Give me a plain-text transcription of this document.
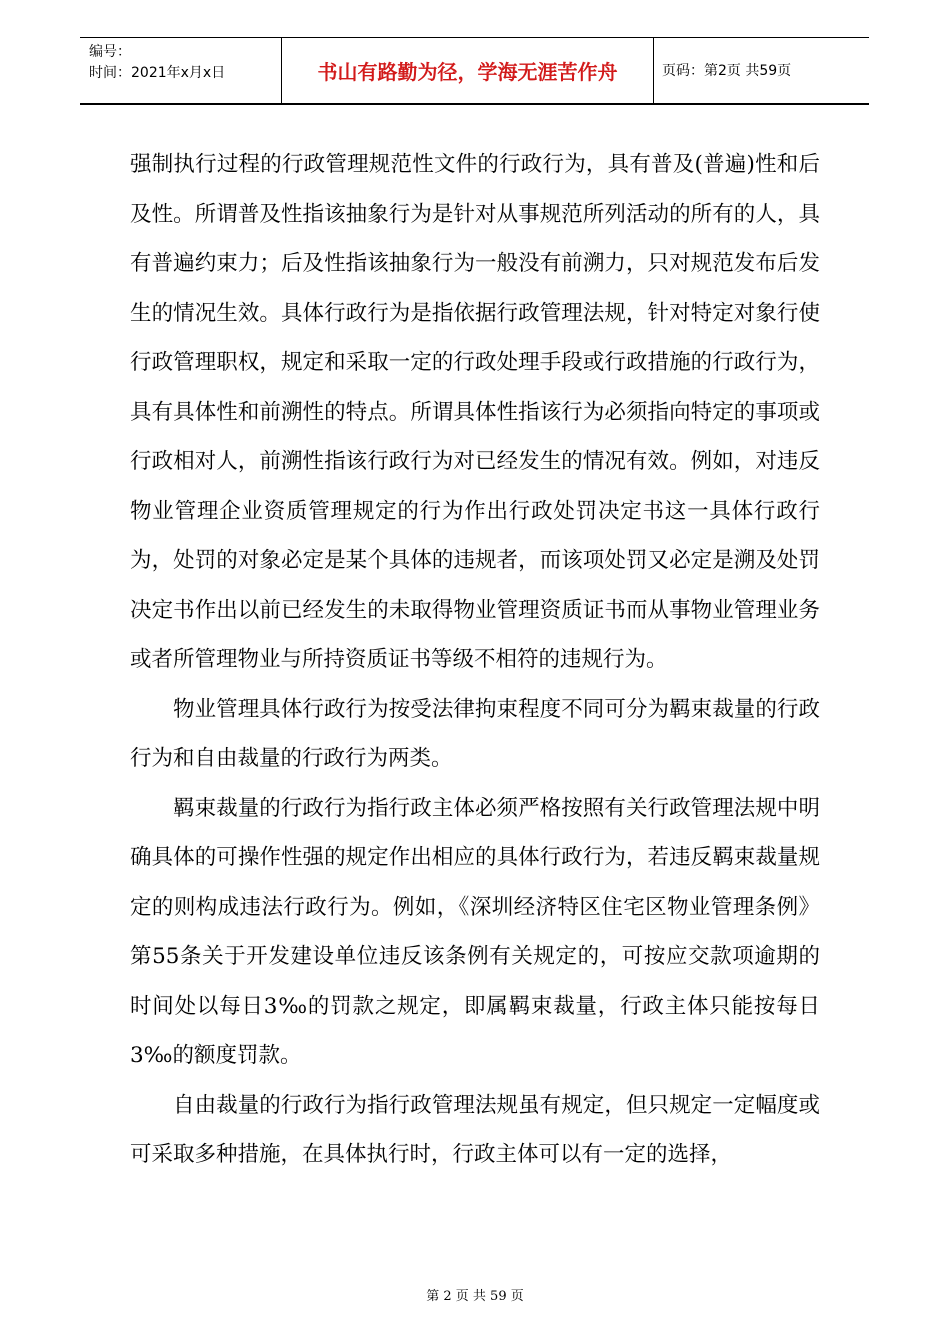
编号：
时间：2021年x月x日	书山有路勤为径，学海无涯苦作舟	页码：第2页 共59页

强制执行过程的行政管理规范性文件的行政行为，具有普及(普遍)性和后及性。所谓普及性指该抽象行为是针对从事规范所列活动的所有的人，具有普遍约束力；后及性指该抽象行为一般没有前溯力，只对规范发布后发生的情况生效。具体行政行为是指依据行政管理法规，针对特定对象行使行政管理职权，规定和采取一定的行政处理手段或行政措施的行政行为，具有具体性和前溯性的特点。所谓具体性指该行为必须指向特定的事项或行政相对人，前溯性指该行政行为对已经发生的情况有效。例如，对违反物业管理企业资质管理规定的行为作出行政处罚决定书这一具体行政行为，处罚的对象必定是某个具体的违规者，而该项处罚又必定是溯及处罚决定书作出以前已经发生的未取得物业管理资质证书而从事物业管理业务或者所管理物业与所持资质证书等级不相符的违规行为。

物业管理具体行政行为按受法律拘束程度不同可分为羁束裁量的行政行为和自由裁量的行政行为两类。

羁束裁量的行政行为指行政主体必须严格按照有关行政管理法规中明确具体的可操作性强的规定作出相应的具体行政行为，若违反羁束裁量规定的则构成违法行政行为。例如，《深圳经济特区住宅区物业管理条例》第55条关于开发建设单位违反该条例有关规定的，可按应交款项逾期的时间处以每日3‰的罚款之规定，即属羁束裁量，行政主体只能按每日3‰的额度罚款。

自由裁量的行政行为指行政管理法规虽有规定，但只规定一定幅度或可采取多种措施，在具体执行时，行政主体可以有一定的选择，

第 2 页 共 59 页
